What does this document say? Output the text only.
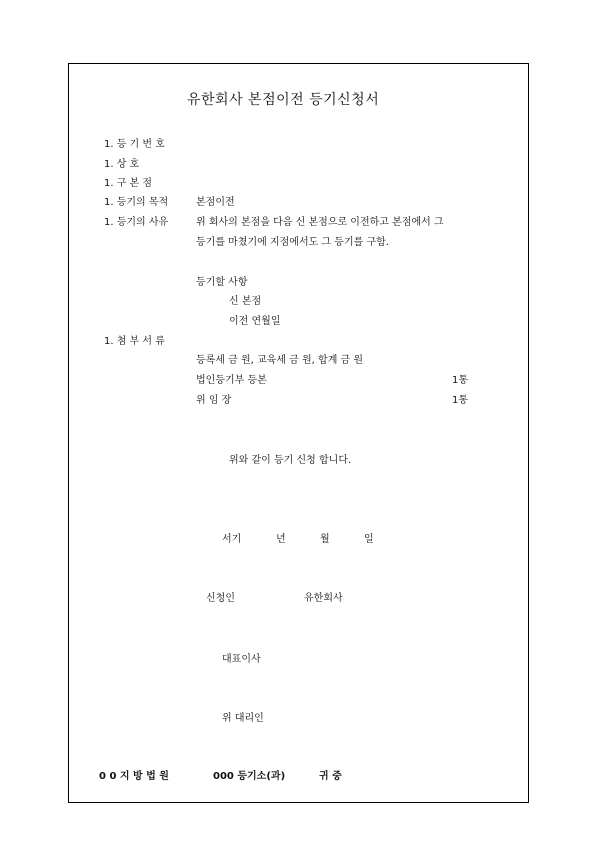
유한회사 본점이전 등기신청서
1. 등 기 번 호
1. 상 호
1. 구 본 점
1. 등기의 목적	본점이전
1. 등기의 사유	위 회사의 본점을 다음 신 본점으로 이전하고 본점에서 그
등기를 마쳤기에 지점에서도 그 등기를 구함.
등기할 사항
신 본점
이전 연월일
1. 첨 부 서 류
등록세 금 원, 교육세 금 원, 합계 금 원
법인등기부 등본	1통
위 임 장	1통
위와 같이 등기 신청 합니다.
서기	년	월	일
신청인	유한회사
대표이사
위 대리인
0 0 지 방 법 원	000 등기소(과)	귀 중
